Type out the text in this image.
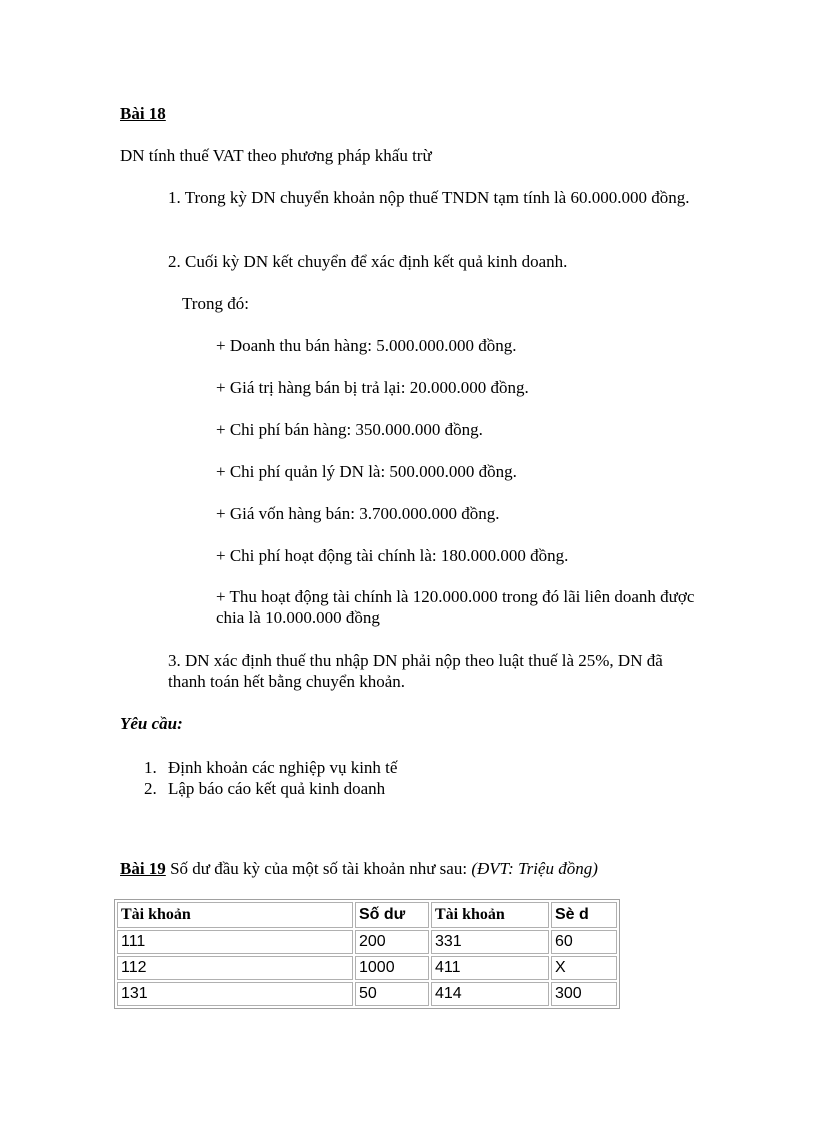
Bài 18
DN tính thuế VAT theo phương pháp khấu trừ
1. Trong kỳ DN chuyển khoản nộp thuế TNDN tạm tính là 60.000.000 đồng.
2. Cuối kỳ DN kết chuyển để xác định kết quả kinh doanh.
Trong đó:
+ Doanh thu bán hàng: 5.000.000.000 đồng.
+ Giá trị hàng bán bị trả lại: 20.000.000 đồng.
+ Chi phí bán hàng: 350.000.000 đồng.
+ Chi phí quản lý DN là: 500.000.000 đồng.
+ Giá vốn hàng bán: 3.700.000.000 đồng.
+ Chi phí hoạt động tài chính là: 180.000.000 đồng.
+ Thu hoạt động tài chính là 120.000.000 trong đó lãi liên doanh được chia là 10.000.000 đồng
3. DN xác định thuế thu nhập DN phải nộp theo luật thuế là 25%, DN đã thanh toán hết bằng chuyển khoản.
Yêu cầu:
1. Định khoản các nghiệp vụ kinh tế
2. Lập báo cáo kết quả kinh doanh
Bài 19 Số dư đầu kỳ của một số tài khoản như sau: (ĐVT: Triệu đồng)
Tài khoản	Số dư	Tài khoản	Sè d
111	200	331	60
112	1000	411	X
131	50	414	300
